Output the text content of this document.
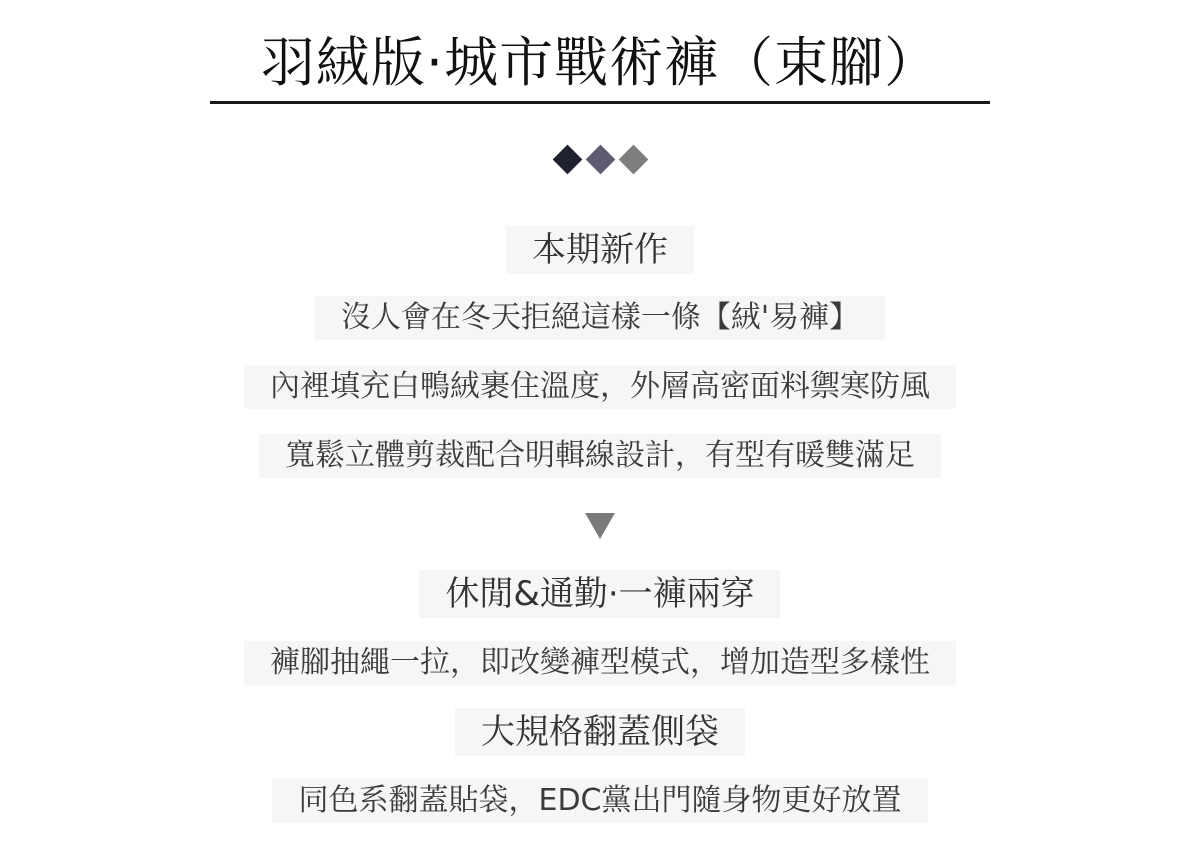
羽絨版·城市戰術褲（束腳）
本期新作
沒人會在冬天拒絕這樣一條【絨'易褲】
內裡填充白鴨絨裹住溫度，外層高密面料禦寒防風
寬鬆立體剪裁配合明輯線設計，有型有暖雙滿足
休閒&通勤·一褲兩穿
褲腳抽繩一拉，即改變褲型模式，增加造型多樣性
大規格翻蓋側袋
同色系翻蓋貼袋，EDC黨出門隨身物更好放置
